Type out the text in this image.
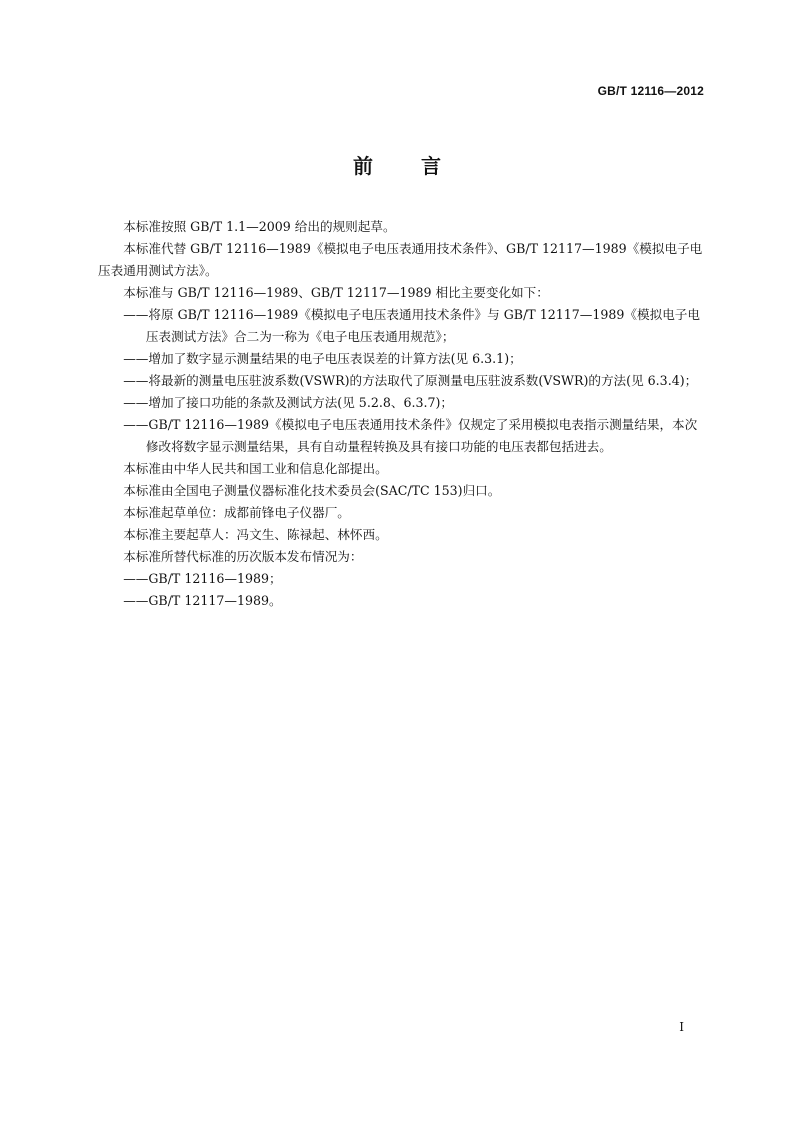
GB/T 12116—2012
前言

本标准按照 GB/T 1.1—2009 给出的规则起草。

本标准代替 GB/T 12116—1989《模拟电子电压表通用技术条件》、GB/T 12117—1989《模拟电子电压表通用测试方法》。

本标准与 GB/T 12116—1989、GB/T 12117—1989 相比主要变化如下：

——将原 GB/T 12116—1989《模拟电子电压表通用技术条件》与 GB/T 12117—1989《模拟电子电压表测试方法》合二为一称为《电子电压表通用规范》；

——增加了数字显示测量结果的电子电压表误差的计算方法(见 6.3.1)；

——将最新的测量电压驻波系数(VSWR)的方法取代了原测量电压驻波系数(VSWR)的方法(见 6.3.4)；

——增加了接口功能的条款及测试方法(见 5.2.8、6.3.7)；

——GB/T 12116—1989《模拟电子电压表通用技术条件》仅规定了采用模拟电表指示测量结果，本次修改将数字显示测量结果，具有自动量程转换及具有接口功能的电压表都包括进去。

本标准由中华人民共和国工业和信息化部提出。

本标准由全国电子测量仪器标准化技术委员会(SAC/TC 153)归口。

本标准起草单位：成都前锋电子仪器厂。

本标准主要起草人：冯文生、陈禄起、林怀西。

本标准所替代标准的历次版本发布情况为：

——GB/T 12116—1989；

——GB/T 12117—1989。

I
